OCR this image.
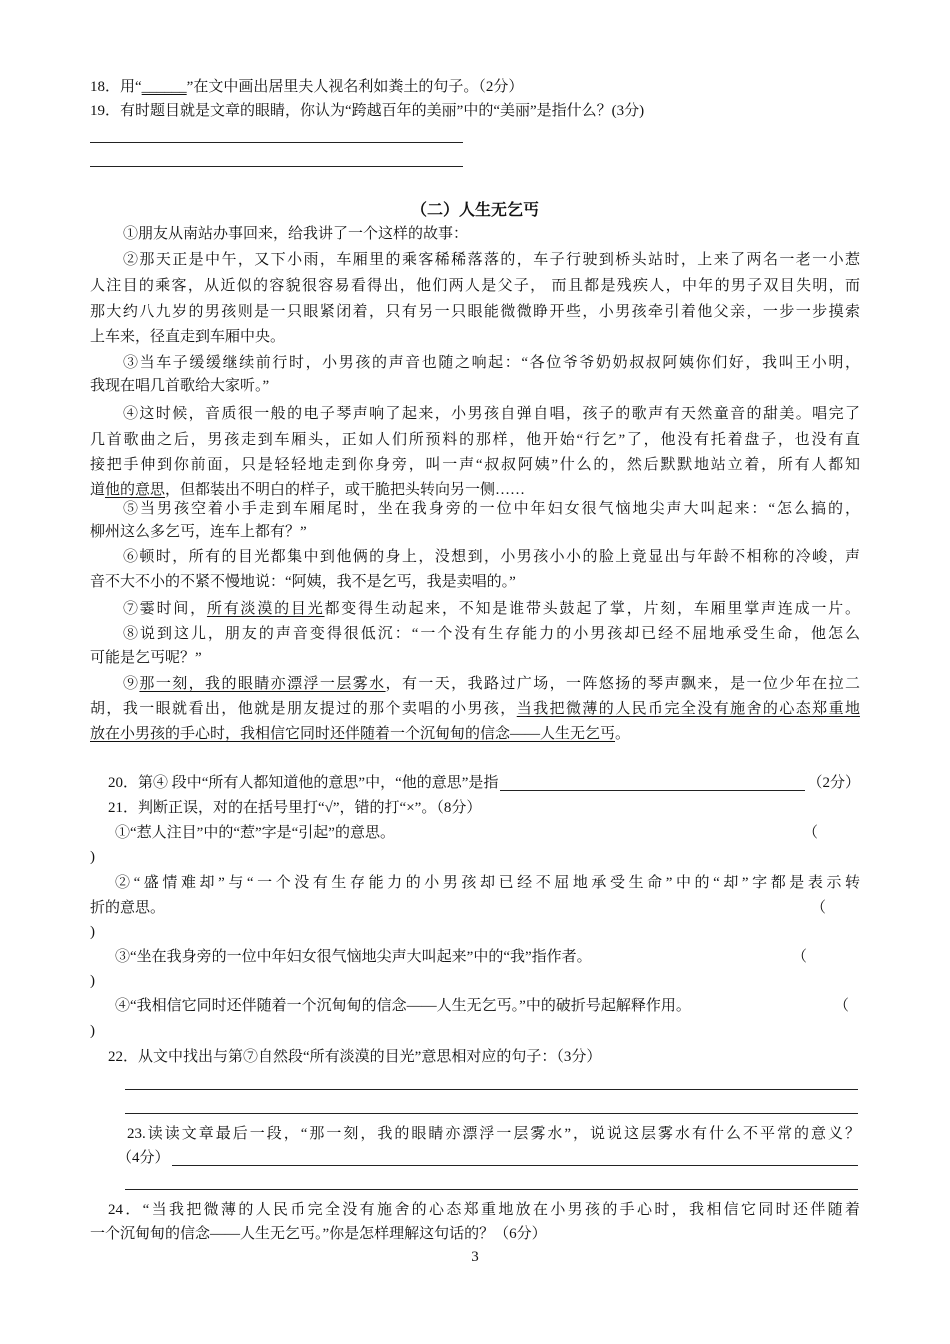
18．用“______”在文中画出居里夫人视名利如粪土的句子。（2分）
19．有时题目就是文章的眼睛，你认为“跨越百年的美丽”中的“美丽”是指什么？(3分)
（二）人生无乞丐
①朋友从南站办事回来，给我讲了一个这样的故事：
②那天正是中午，又下小雨，车厢里的乘客稀稀落落的，车子行驶到桥头站时，上来了两名一老一小惹
人注目的乘客，从近似的容貌很容易看得出，他们两人是父子， 而且都是残疾人，中年的男子双目失明，而
那大约八九岁的男孩则是一只眼紧闭着，只有另一只眼能微微睁开些，小男孩牵引着他父亲，一步一步摸索
上车来，径直走到车厢中央。
③当车子缓缓继续前行时，小男孩的声音也随之响起：“各位爷爷奶奶叔叔阿姨你们好，我叫王小明，
我现在唱几首歌给大家听。”
④这时候，音质很一般的电子琴声响了起来，小男孩自弹自唱，孩子的歌声有天然童音的甜美。唱完了
几首歌曲之后，男孩走到车厢头，正如人们所预料的那样，他开始“行乞”了，他没有托着盘子，也没有直
接把手伸到你前面，只是轻轻地走到你身旁，叫一声“叔叔阿姨”什么的，然后默默地站立着，所有人都知
道他的意思，但都装出不明白的样子，或干脆把头转向另一侧……
⑤当男孩空着小手走到车厢尾时，坐在我身旁的一位中年妇女很气恼地尖声大叫起来：“怎么搞的，
柳州这么多乞丐，连车上都有？”
⑥顿时，所有的目光都集中到他俩的身上，没想到，小男孩小小的脸上竟显出与年龄不相称的冷峻，声
音不大不小的不紧不慢地说：“阿姨，我不是乞丐，我是卖唱的。”
⑦霎时间，所有淡漠的目光都变得生动起来，不知是谁带头鼓起了掌，片刻，车厢里掌声连成一片。
⑧说到这儿，朋友的声音变得很低沉：“一个没有生存能力的小男孩却已经不屈地承受生命，他怎么
可能是乞丐呢？”
⑨那一刻，我的眼睛亦漂浮一层雾水，有一天，我路过广场，一阵悠扬的琴声飘来，是一位少年在拉二
胡，我一眼就看出，他就是朋友提过的那个卖唱的小男孩，当我把微薄的人民币完全没有施舍的心态郑重地
放在小男孩的手心时，我相信它同时还伴随着一个沉甸甸的信念——人生无乞丐。
20．第④ 段中“所有人都知道他的意思”中，“他的意思”是指	（2分）
21．判断正误，对的在括号里打“√”，错的打“×”。（8分）
①“惹人注目”中的“惹”字是“引起”的意思。	（
)
②“盛情难却”与“一个没有生存能力的小男孩却已经不屈地承受生命”中的“却”字都是表示转
折的意思。	（
)
③“坐在我身旁的一位中年妇女很气恼地尖声大叫起来”中的“我”指作者。	（
)
④“我相信它同时还伴随着一个沉甸甸的信念——人生无乞丐。”中的破折号起解释作用。	（
)
22．从文中找出与第⑦自然段“所有淡漠的目光”意思相对应的句子：（3分）
23.读读文章最后一段，“那一刻，我的眼睛亦漂浮一层雾水”，说说这层雾水有什么不平常的意义？
（4分）
24．“当我把微薄的人民币完全没有施舍的心态郑重地放在小男孩的手心时，我相信它同时还伴随着
一个沉甸甸的信念——人生无乞丐。”你是怎样理解这句话的？（6分）
3
